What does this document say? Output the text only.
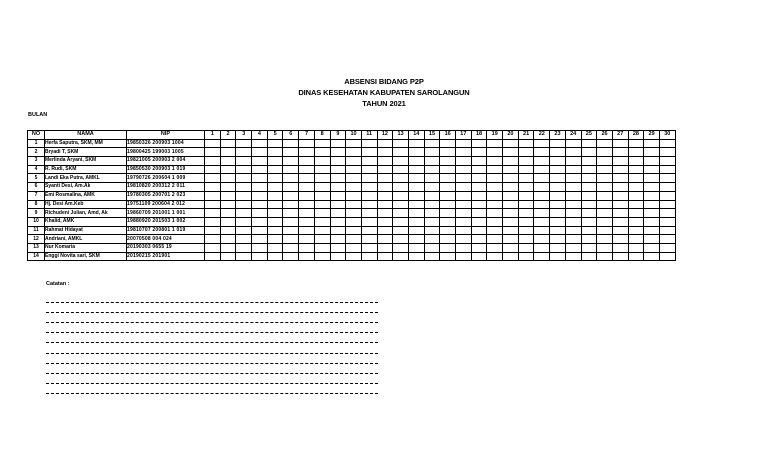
ABSENSI BIDANG P2P
DINAS KESEHATAN KABUPATEN SAROLANGUN
TAHUN 2021
BULAN
NO	NAMA	NIP	1	2	3	4	5	6	7	8	9	10	11	12	13	14	15	16	17	18	19	20	21	22	23	24	25	26	27	28	29	30
1	Herfa Saputra, SKM, MM	19850326 200903 1004																														
2	Bryadi T, SKM	19800425 199003 1005																														
3	Merlinda Aryani, SKM	19821005 200903 2 004																														
4	R. Rudi, SKM	19850530 200903 1 019																														
5	Landi Eka Putra, AMKL	19790726 200604 1 009																														
6	Syanti Desi, Am.Ak	19810820 200312 2 011																														
7	Emi Rosmalina, AMK	19780305 200701 2 023																														
8	Hj. Desi Am.Keb	19751109 200604 2 012																														
9	Richudeni Julian, Amd, Ak	19860709 201001 1 001																														
10	Khalid, AMK	19880920 201503 1 002																														
11	Rahmat Hidayat	19810707 200801 1 019																														
12	Andriani, AMKL	20070508 004 024																														
13	Nur Komaria	20190303 0655 19																														
14	Enggi Novita sari, SKM	20190215 201901																														
Catatan :
